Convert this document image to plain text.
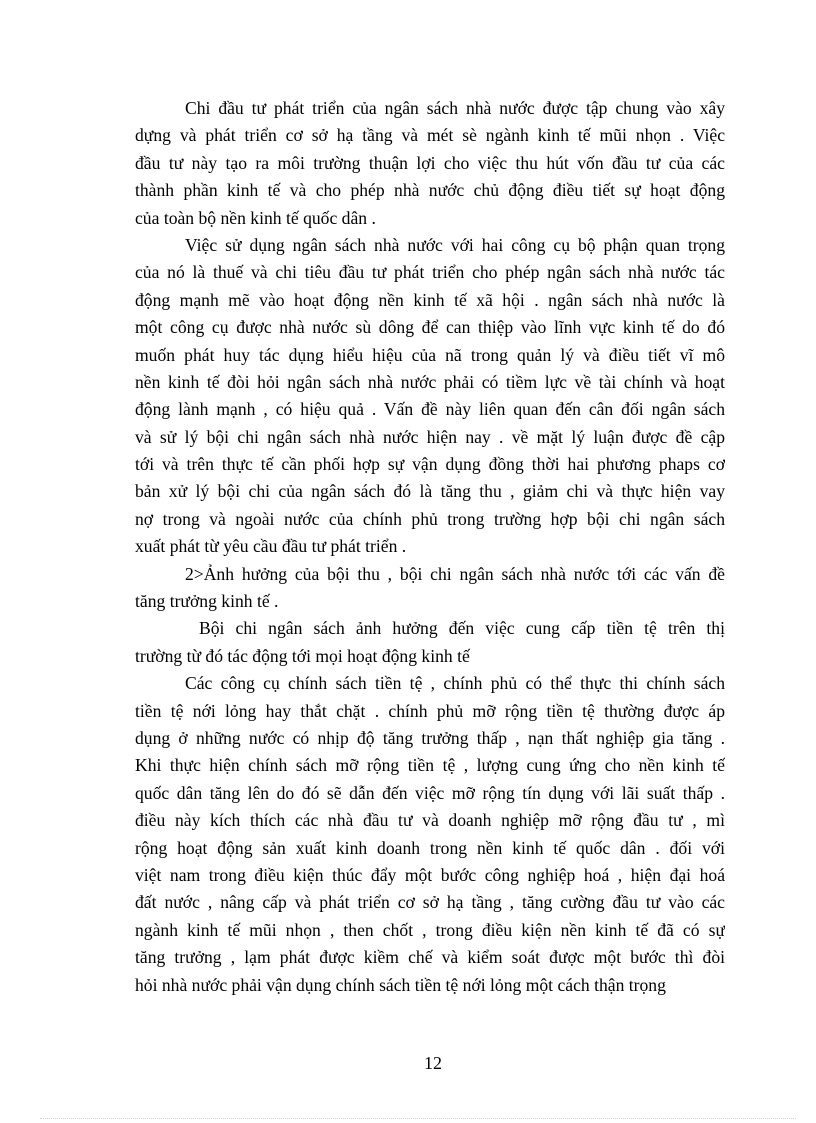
Chi đầu tư phát triển của ngân sách nhà nước được tập chung vào xây
dựng và phát triển cơ sở hạ tầng và mét sè ngành kinh tế mũi nhọn . Việc
đầu tư này tạo ra môi trường thuận lợi cho việc thu hút vốn đầu tư của các
thành phần kinh tế và cho phép nhà nước chủ động điều tiết sự hoạt động
của toàn bộ nền kinh tế quốc dân .
Việc sử dụng ngân sách nhà nước với hai công cụ bộ phận quan trọng
của nó là thuế và chi tiêu đầu tư phát triển cho phép ngân sách nhà nước tác
động mạnh mẽ vào hoạt động nền kinh tế xã hội . ngân sách nhà nước là
một công cụ được nhà nước sù dông để can thiệp vào lĩnh vực kinh tế do đó
muốn phát huy tác dụng hiểu hiệu của nã trong quản lý và điều tiết vĩ mô
nền kinh tế đòi hỏi ngân sách nhà nước phải có tiềm lực về tài chính và hoạt
động lành mạnh , có hiệu quả . Vấn đề này liên quan đến cân đối ngân sách
và sử lý bội chi ngân sách nhà nước hiện nay . về mặt lý luận được đề cập
tới và trên thực tế cần phối hợp sự vận dụng đồng thời hai phương phaps cơ
bản xử lý bội chi của ngân sách đó là tăng thu , giảm chi và thực hiện vay
nợ trong và ngoài nước của chính phủ trong trường hợp bội chi ngân sách
xuất phát từ yêu cầu đầu tư phát triển .
2>Ảnh hưởng của bội thu , bội chi ngân sách nhà nước tới các vấn đề
tăng trưởng kinh tế .
Bội chi ngân sách ảnh hưởng đến việc cung cấp tiền tệ trên thị
trường từ đó tác động tới mọi hoạt động kinh tế
Các công cụ chính sách tiền tệ , chính phủ có thể thực thi chính sách
tiền tệ nới lỏng hay thắt chặt . chính phủ mỡ rộng tiền tệ thường được áp
dụng ở những nước có nhịp độ tăng trưởng thấp , nạn thất nghiệp gia tăng .
Khi thực hiện chính sách mỡ rộng tiền tệ , lượng cung ứng cho nền kinh tế
quốc dân tăng lên do đó sẽ dẫn đến việc mỡ rộng tín dụng với lãi suất thấp .
điều này kích thích các nhà đầu tư và doanh nghiệp mỡ rộng đầu tư , mì
rộng hoạt động sản xuất kinh doanh trong nền kinh tế quốc dân . đối với
việt nam trong điều kiện thúc đẩy một bước công nghiệp hoá , hiện đại hoá
đất nước , nâng cấp và phát triển cơ sở hạ tầng , tăng cường đầu tư vào các
ngành kinh tế mũi nhọn , then chốt , trong điều kiện nền kinh tế đã có sự
tăng trưởng , lạm phát được kiềm chế và kiểm soát được một bước thì đòi
hỏi nhà nước phải vận dụng chính sách tiền tệ nới lỏng một cách thận trọng
12
